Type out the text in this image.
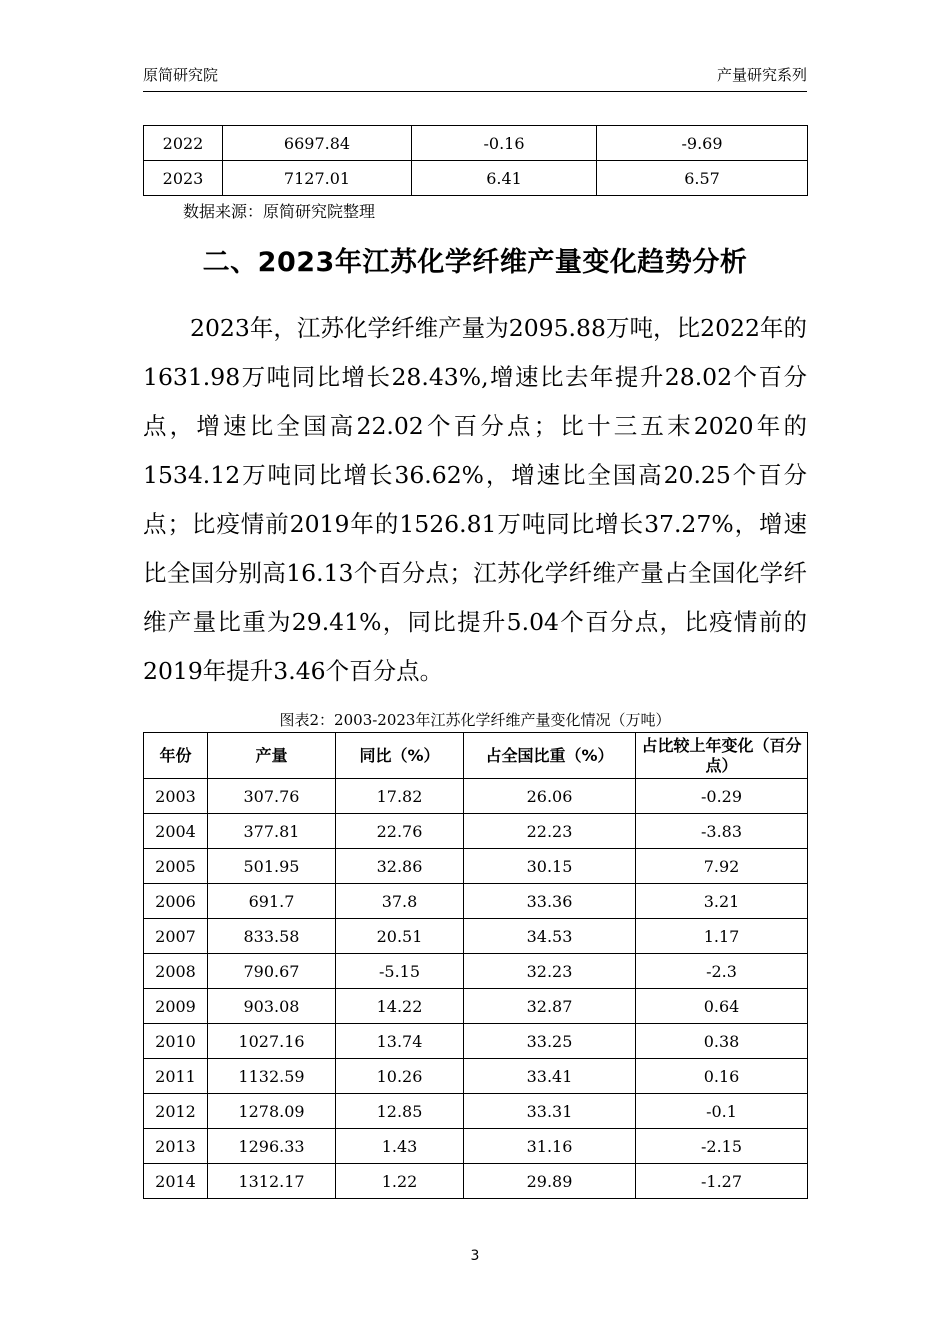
原简研究院	产量研究系列
2022	6697.84	-0.16	-9.69
2023	7127.01	6.41	6.57
数据来源：原简研究院整理
二、2023年江苏化学纤维产量变化趋势分析

2023年，江苏化学纤维产量为2095.88万吨，比2022年的1631.98万吨同比增长28.43%,增速比去年提升28.02个百分点，增速比全国高22.02个百分点；比十三五末2020年的1534.12万吨同比增长36.62%，增速比全国高20.25个百分点；比疫情前2019年的1526.81万吨同比增长37.27%，增速比全国分别高16.13个百分点；江苏化学纤维产量占全国化学纤维产量比重为29.41%，同比提升5.04个百分点，比疫情前的2019年提升3.46个百分点。

图表2：2003-2023年江苏化学纤维产量变化情况（万吨）
年份	产量	同比（%）	占全国比重（%）	占比较上年变化（百分点）
2003	307.76	17.82	26.06	-0.29
2004	377.81	22.76	22.23	-3.83
2005	501.95	32.86	30.15	7.92
2006	691.7	37.8	33.36	3.21
2007	833.58	20.51	34.53	1.17
2008	790.67	-5.15	32.23	-2.3
2009	903.08	14.22	32.87	0.64
2010	1027.16	13.74	33.25	0.38
2011	1132.59	10.26	33.41	0.16
2012	1278.09	12.85	33.31	-0.1
2013	1296.33	1.43	31.16	-2.15
2014	1312.17	1.22	29.89	-1.27
3
